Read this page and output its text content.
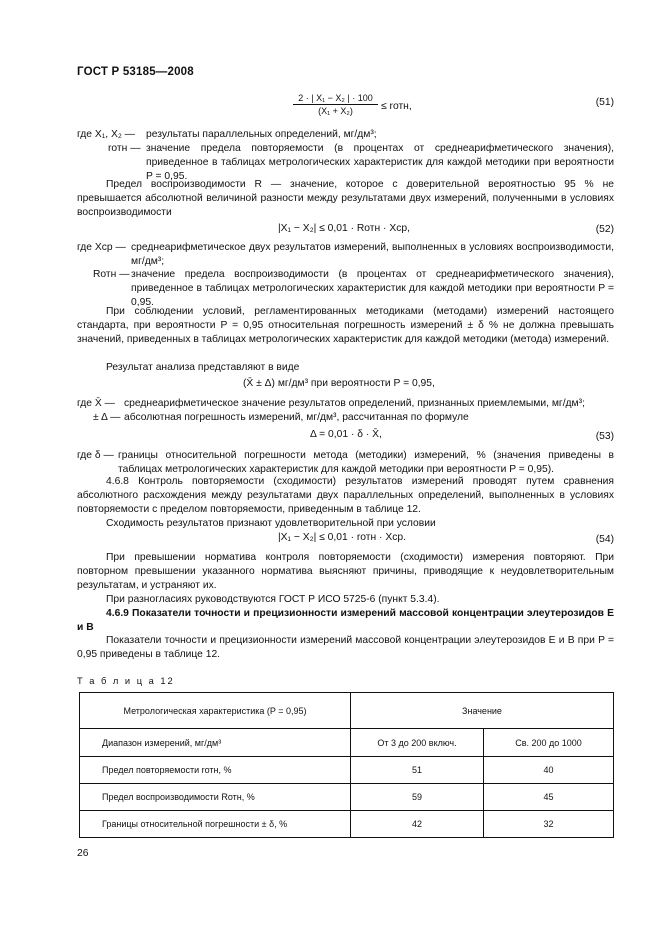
ГОСТ Р 53185—2008
$\frac{\text{2 · | X₁ − X₂ | · 100}}{\text{(X₁ + X₂)}}$ ≤ rотн,	(51)
где X₁, X₂ — результаты параллельных определений, мг/дм³;
rотн — значение предела повторяемости (в процентах от среднеарифметического значения), приведенное в таблицах метрологических характеристик для каждой методики при вероятности P = 0,95.
Предел воспроизводимости R — значение, которое с доверительной вероятностью 95 % не превышается абсолютной величиной разности между результатами двух измерений, полученными в условиях воспроизводимости
|X₁ − X₂| ≤ 0,01 · Rотн · Xср,	(52)
где Xср — среднеарифметическое двух результатов измерений, выполненных в условиях воспроизводимости, мг/дм³;
Rотн — значение предела воспроизводимости (в процентах от среднеарифметического значения), приведенное в таблицах метрологических характеристик для каждой методики при вероятности P = 0,95.
При соблюдении условий, регламентированных методиками (методами) измерений настоящего стандарта, при вероятности P = 0,95 относительная погрешность измерений ± δ % не должна превышать значений, приведенных в таблицах метрологических характеристик для каждой методики (метода) измерений.
Результат анализа представляют в виде
(X̄ ± Δ) мг/дм³ при вероятности P = 0,95,
где X̄ — среднеарифметическое значение результатов определений, признанных приемлемыми, мг/дм³;
± Δ — абсолютная погрешность измерений, мг/дм³, рассчитанная по формуле
Δ = 0,01 · δ · X̄,	(53)
где δ — границы относительной погрешности метода (методики) измерений, % (значения приведены в таблицах метрологических характеристик для каждой методики при вероятности P = 0,95).
4.6.8 Контроль повторяемости (сходимости) результатов измерений проводят путем сравнения абсолютного расхождения между результатами двух параллельных определений, выполненных в условиях повторяемости с пределом повторяемости, приведенным в таблице 12.
Сходимость результатов признают удовлетворительной при условии
|X₁ − X₂| ≤ 0,01 · rотн · Xср.	(54)
При превышении норматива контроля повторяемости (сходимости) измерения повторяют. При повторном превышении указанного норматива выясняют причины, приводящие к неудовлетворительным результатам, и устраняют их.
При разногласиях руководствуются ГОСТ Р ИСО 5725-6 (пункт 5.3.4).
4.6.9 Показатели точности и прецизионности измерений массовой концентрации элеутерозидов Е и В
Показатели точности и прецизионности измерений массовой концентрации элеутерозидов Е и В при P = 0,95 приведены в таблице 12.
Т а б л и ц а 12
Метрологическая характеристика (P = 0,95)	Значение	
Диапазон измерений, мг/дм³	От 3 до 200 включ.	Св. 200 до 1000
Предел повторяемости rотн, %	51	40
Предел воспроизводимости Rотн, %	59	45
Границы относительной погрешности ± δ, %	42	32
26
